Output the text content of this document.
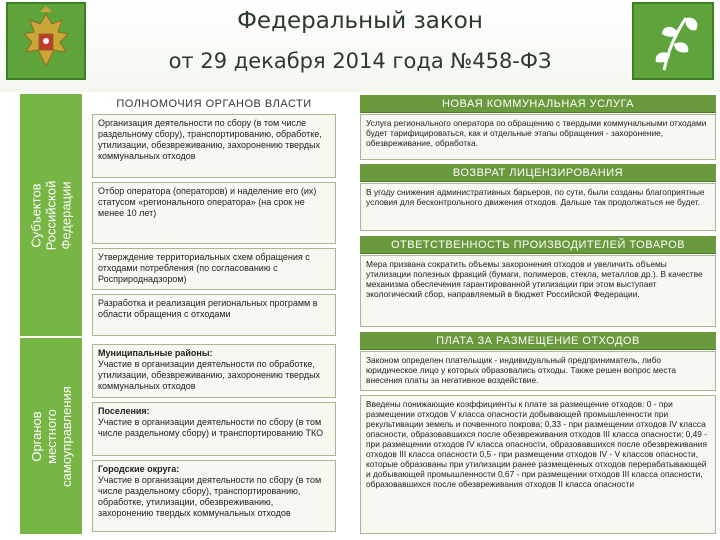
Федеральный закон
от 29 декабря 2014 года №458-ФЗ
Субъектов Российской Федерации
Органов местного самоуправления
ПОЛНОМОЧИЯ ОРГАНОВ ВЛАСТИ	НОВАЯ КОММУНАЛЬНАЯ УСЛУГА
ВОЗВРАТ ЛИЦЕНЗИРОВАНИЯ
ОТВЕТСТВЕННОСТЬ ПРОИЗВОДИТЕЛЕЙ ТОВАРОВ
ПЛАТА ЗА РАЗМЕЩЕНИЕ ОТХОДОВ
Организация деятельности по сбору (в том числе раздельному сбору), транспортированию, обработке, утилизации, обезвреживанию, захоронению твердых коммунальных отходов
Отбор оператора (операторов) и наделение его (их) статусом «регионального оператора» (на срок не менее 10 лет)
Утверждение территориальных схем обращения с отходами потребления (по согласованию с Росприроднадзором)
Разработка и реализация региональных программ в области обращения с отходами
Муниципальные районы:
Участие в организации деятельности по обработке, утилизации, обезвреживанию, захоронению твердых коммунальных отходов
Поселения:
Участие в организации деятельности по сбору (в том числе раздельному сбору) и транспортированию ТКО
Городские округа:
Участие в организации деятельности по сбору (в том числе раздельному сбору), транспортированию, обработке, утилизации, обезвреживанию, захоронению твердых коммунальных отходов
Услуга регионального оператора по обращению с твердыми коммунальными отходами будет тарифицироваться, как и отдельные этапы обращения - захоронение, обезвреживание, обработка.
В угоду снижения административных барьеров, по сути, были созданы благоприятные условия для бесконтрольного движения отходов. Дальше так продолжаться не будет.
Мера призвана сократить объемы захоронения отходов и увеличить объемы утилизации полезных фракций (бумаги, полимеров, стекла, металлов др.). В качестве механизма обеспечения гарантированной утилизации при этом выступает экологический сбор, направляемый в бюджет Российской Федерации.
Законом определен плательщик - индивидуальный предприниматель, либо юридическое лицо у которых образовались отходы. Также решен вопрос места внесения платы за негативное воздействие.
Введены понижающие коэффициенты к плате за размещение отходов: 0 - при размещении отходов V класса опасности добывающей промышленности при рекультивации земель и почвенного покрова; 0,33 - при размещении отходов IV класса опасности, образовавшихся после обезвреживания отходов III класса опасности; 0,49 - при размещении отходов IV класса опасности, образовавшихся после обезвреживания отходов III класса опасности 0,5 - при размещении отходов IV - V классов опасности, которые образованы при утилизации ранее размещенных отходов перерабатывающей и добывающей промышленности 0,67 - при размещении отходов III класса опасности, образовавшихся после обезвреживания отходов II класса опасности
